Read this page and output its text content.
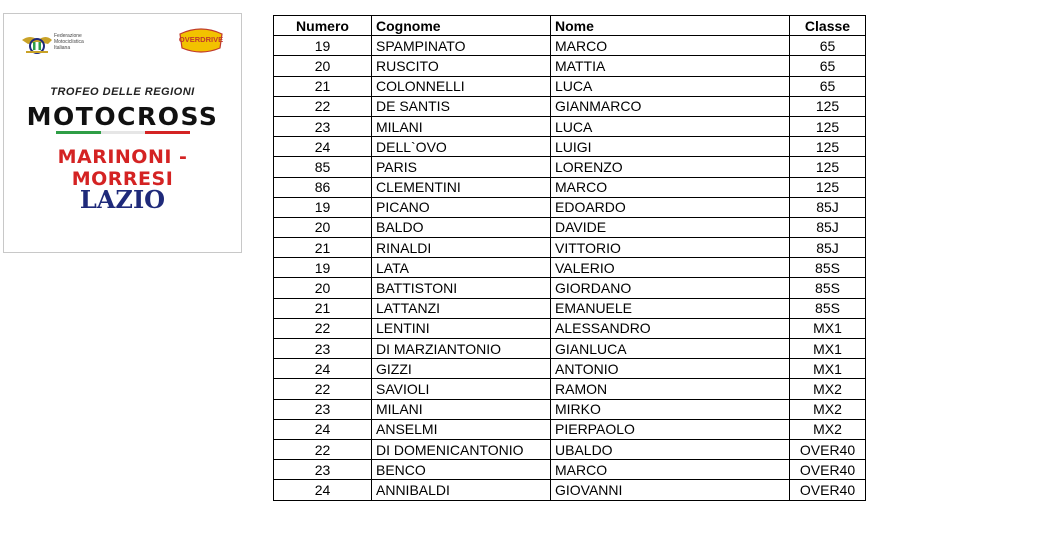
Federazione
Motociclistica
Italiana
OVERDRIVE
TROFEO DELLE REGIONI
MOTOCROSS
MARINONI - MORRESI
LAZIO
Numero	Cognome	Nome	Classe
19	SPAMPINATO	MARCO	65
20	RUSCITO	MATTIA	65
21	COLONNELLI	LUCA	65
22	DE SANTIS	GIANMARCO	125
23	MILANI	LUCA	125
24	DELL`OVO	LUIGI	125
85	PARIS	LORENZO	125
86	CLEMENTINI	MARCO	125
19	PICANO	EDOARDO	85J
20	BALDO	DAVIDE	85J
21	RINALDI	VITTORIO	85J
19	LATA	VALERIO	85S
20	BATTISTONI	GIORDANO	85S
21	LATTANZI	EMANUELE	85S
22	LENTINI	ALESSANDRO	MX1
23	DI MARZIANTONIO	GIANLUCA	MX1
24	GIZZI	ANTONIO	MX1
22	SAVIOLI	RAMON	MX2
23	MILANI	MIRKO	MX2
24	ANSELMI	PIERPAOLO	MX2
22	DI DOMENICANTONIO	UBALDO	OVER40
23	BENCO	MARCO	OVER40
24	ANNIBALDI	GIOVANNI	OVER40
